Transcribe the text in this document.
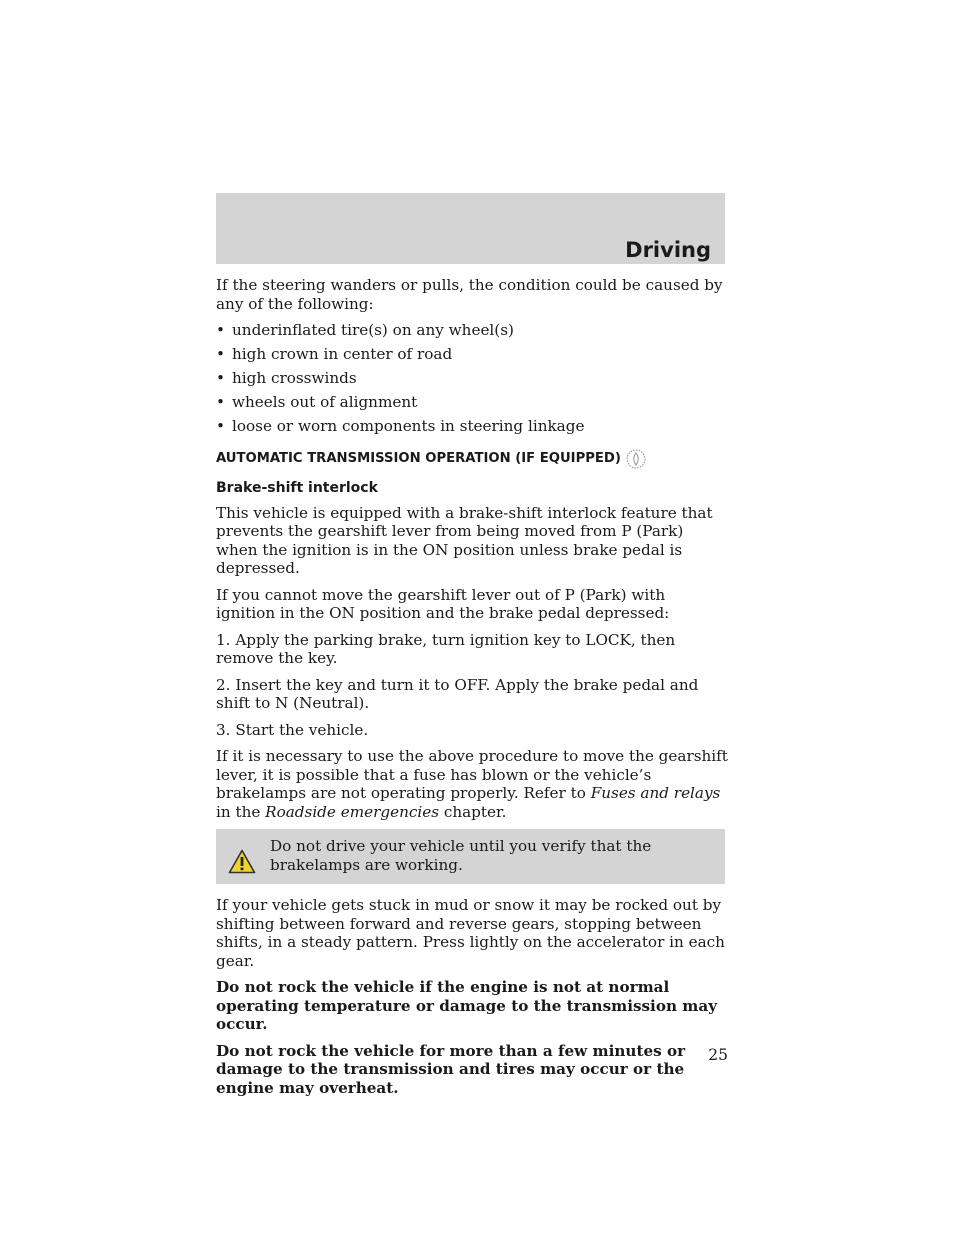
Driving

If the steering wanders or pulls, the condition could be caused by any of the following:

• underinflated tire(s) on any wheel(s)
• high crown in center of road
• high crosswinds
• wheels out of alignment
• loose or worn components in steering linkage
AUTOMATIC TRANSMISSION OPERATION (IF EQUIPPED)
Brake-shift interlock

This vehicle is equipped with a brake-shift interlock feature that prevents the gearshift lever from being moved from P (Park) when the ignition is in the ON position unless brake pedal is depressed.

If you cannot move the gearshift lever out of P (Park) with ignition in the ON position and the brake pedal depressed:

1. Apply the parking brake, turn ignition key to LOCK, then remove the key.

2. Insert the key and turn it to OFF. Apply the brake pedal and shift to N (Neutral).

3. Start the vehicle.

If it is necessary to use the above procedure to move the gearshift lever, it is possible that a fuse has blown or the vehicle’s brakelamps are not operating properly. Refer to Fuses and relays in the Roadside emergencies chapter.

Do not drive your vehicle until you verify that the brakelamps are working.

If your vehicle gets stuck in mud or snow it may be rocked out by shifting between forward and reverse gears, stopping between shifts, in a steady pattern. Press lightly on the accelerator in each gear.

Do not rock the vehicle if the engine is not at normal operating temperature or damage to the transmission may occur.

Do not rock the vehicle for more than a few minutes or damage to the transmission and tires may occur or the engine may overheat.

25
